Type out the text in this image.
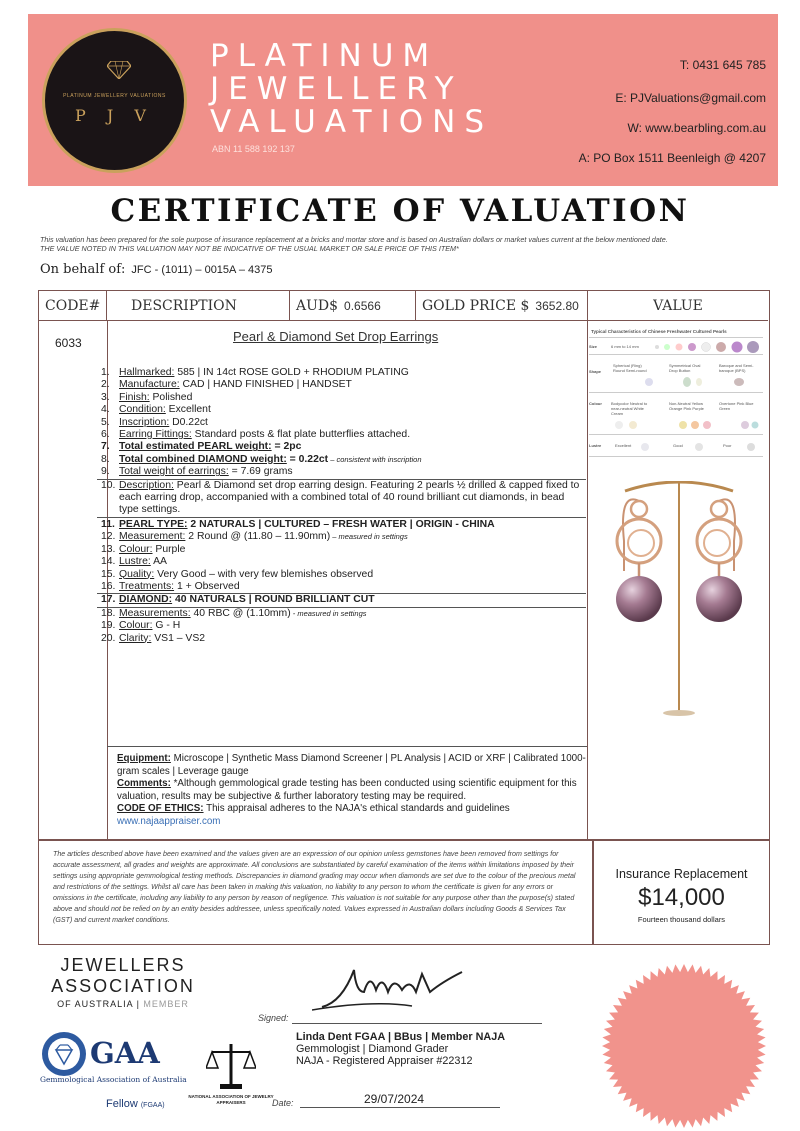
PLATINUM JEWELLERY VALUATIONS
P J V
PLATINUM
JEWELLERY
VALUATIONS
ABN 11 588 192 137
T: 0431 645 785
E: PJValuations@gmail.com
W: www.bearbling.com.au
A: PO Box 1511 Beenleigh @ 4207
CERTIFICATE OF VALUATION
This valuation has been prepared for the sole purpose of insurance replacement at a bricks and mortar store and is based on Australian dollars or market values current at the below mentioned date.
THE VALUE NOTED IN THIS VALUATION MAY NOT BE INDICATIVE OF THE USUAL MARKET OR SALE PRICE OF THIS ITEM*
On behalf of: JFC - (1011) – 0015A – 4375
CODE# DESCRIPTION	AUD$ 0.6566	GOLD PRICE $ 3652.80	VALUE
6033	Pearl & Diamond Set Drop Earrings
1. Hallmarked: 585 | IN 14ct ROSE GOLD + RHODIUM PLATING
2. Manufacture: CAD | HAND FINISHED | HANDSET
3. Finish: Polished
4. Condition: Excellent
5. Inscription: D0.22ct
6. Earring Fittings: Standard posts & flat plate butterflies attached.
7. Total estimated PEARL weight: = 2pc
8. Total combined DIAMOND weight: = 0.22ct – consistent with inscription
9. Total weight of earrings: = 7.69 grams
10. Description: Pearl & Diamond set drop earring design. Featuring 2 pearls ½ drilled & capped fixed to each earring drop, accompanied with a combined total of 40 round brilliant cut diamonds, in bead type settings.
11. PEARL TYPE: 2 NATURALS | CULTURED – FRESH WATER | ORIGIN - CHINA
12. Measurement: 2 Round @ (11.80 – 11.90mm) – measured in settings
13. Colour: Purple
14. Lustre: AA
15. Quality: Very Good – with very few blemishes observed
16. Treatments: 1 + Observed
17. DIAMOND: 40 NATURALS | ROUND BRILLIANT CUT
18. Measurements: 40 RBC @ (1.10mm) - measured in settings
19. Colour: G - H
20. Clarity: VS1 – VS2
Equipment: Microscope | Synthetic Mass Diamond Screener | PL Analysis | ACID or XRF | Calibrated 1000-gram scales | Leverage gauge
Comments: *Although gemmological grade testing has been conducted using scientific equipment for this valuation, results may be subjective & further laboratory testing may be required.
CODE OF ETHICS: This appraisal adheres to the NAJA's ethical standards and guidelines
www.najaappraiser.com
Typical Characteristics of Chinese Freshwater Cultured Pearls
Size	6 mm to 14 mm
Shape
Spherical (Ring) Round Semi-round
Symmetrical Oval Drop Button
Baroque and Semi-baroque (BPS)
Colour Bodycolor Neutral to near-neutral White Cream
Non-Neutral Yellow Orange Pink Purple
Overtone Pink Blue Green
Lustre	Excellent	Good	Poor
The articles described above have been examined and the values given are an expression of our opinion unless gemstones have been removed from settings for accurate assessment, all grades and weights are approximate. All conclusions are substantiated by careful examination of the items within limitations imposed by their settings using appropriate gemmological testing methods. Discrepancies in diamond grading may occur when diamonds are set due to the colour of the precious metal and restrictions of the settings. Whilst all care has been taken in making this valuation, no liability to any person to whom the certificate is given for any errors or omissions in the certificate, including any liability to any person by reason of negligence. This valuation is not suitable for any purpose other than the purpose(s) stated above and should not be relied on by an entity besides addressee, unless specifically noted. Values expressed in Australian dollars including Goods & Services Tax (GST) and current market conditions.
Insurance Replacement
$14,000
Fourteen thousand dollars
JEWELLERS
ASSOCIATION
OF AUSTRALIA | MEMBER
GAA
Gemmological Association of Australia
Fellow (FGAA)
NATIONAL ASSOCIATION OF JEWELRY APPRAISERS
Signed:
Linda Dent FGAA | BBus | Member NAJA
Gemmologist | Diamond Grader
NAJA - Registered Appraiser #22312
Date:	29/07/2024
